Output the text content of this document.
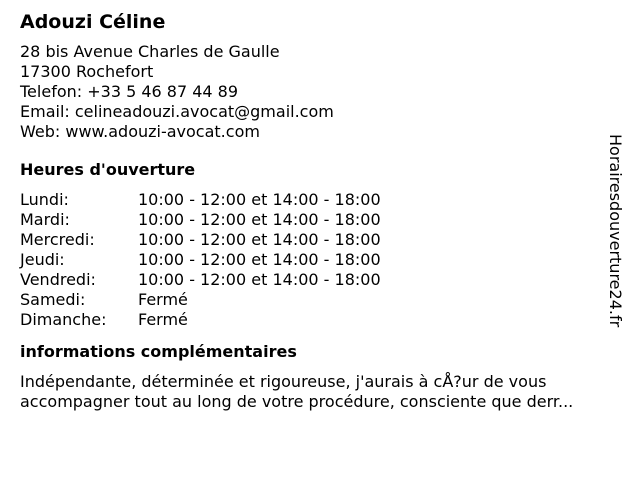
Adouzi Céline
28 bis Avenue Charles de Gaulle
17300 Rochefort
Telefon: +33 5 46 87 44 89
Email: celineadouzi.avocat@gmail.com
Web: www.adouzi-avocat.com
Heures d'ouverture
Lundi:	10:00 - 12:00 et 14:00 - 18:00
Mardi:	10:00 - 12:00 et 14:00 - 18:00
Mercredi:	10:00 - 12:00 et 14:00 - 18:00
Jeudi:	10:00 - 12:00 et 14:00 - 18:00
Vendredi:	10:00 - 12:00 et 14:00 - 18:00
Samedi:	Fermé
Dimanche:	Fermé
informations complémentaires
Indépendante, déterminée et rigoureuse, j'aurais à cÅ?ur de vous accompagner tout au long de votre procédure, consciente que derr...
Horairesdouverture24.fr
